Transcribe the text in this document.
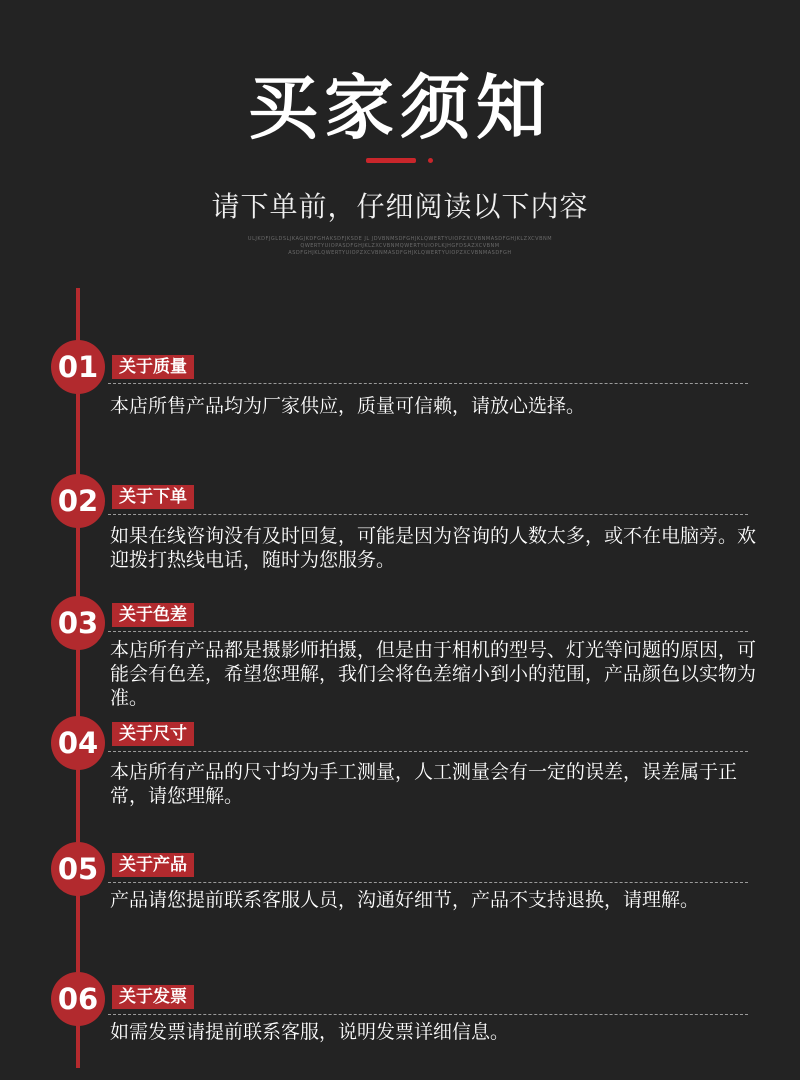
买家须知
请下单前，仔细阅读以下内容
ULJKDFJGLDSLJKAGJKDFGHAKSDFJKSDE JL JDVBNMSDFGHJKLQWERTYUIOPZXCVBNMASDFGHJKLZXCVBNM QWERTYUIOPASDFGHJKLZXCVBNMQWERTYUIOPLKJHGFDSAZXCVBNM ASDFGHJKLQWERTYUIOPZXCVBNMASDFGHJKLQWERTYUIOPZXCVBNMASDFGH
01	关于质量
本店所售产品均为厂家供应，质量可信赖，请放心选择。
02	关于下单
如果在线咨询没有及时回复，可能是因为咨询的人数太多，或不在电脑旁。欢迎拨打热线电话，随时为您服务。
03	关于色差
本店所有产品都是摄影师拍摄，但是由于相机的型号、灯光等问题的原因，可能会有色差，希望您理解，我们会将色差缩小到小的范围，产品颜色以实物为准。
04	关于尺寸
本店所有产品的尺寸均为手工测量，人工测量会有一定的误差，误差属于正常，请您理解。
05	关于产品
产品请您提前联系客服人员，沟通好细节，产品不支持退换，请理解。
06	关于发票
如需发票请提前联系客服，说明发票详细信息。
